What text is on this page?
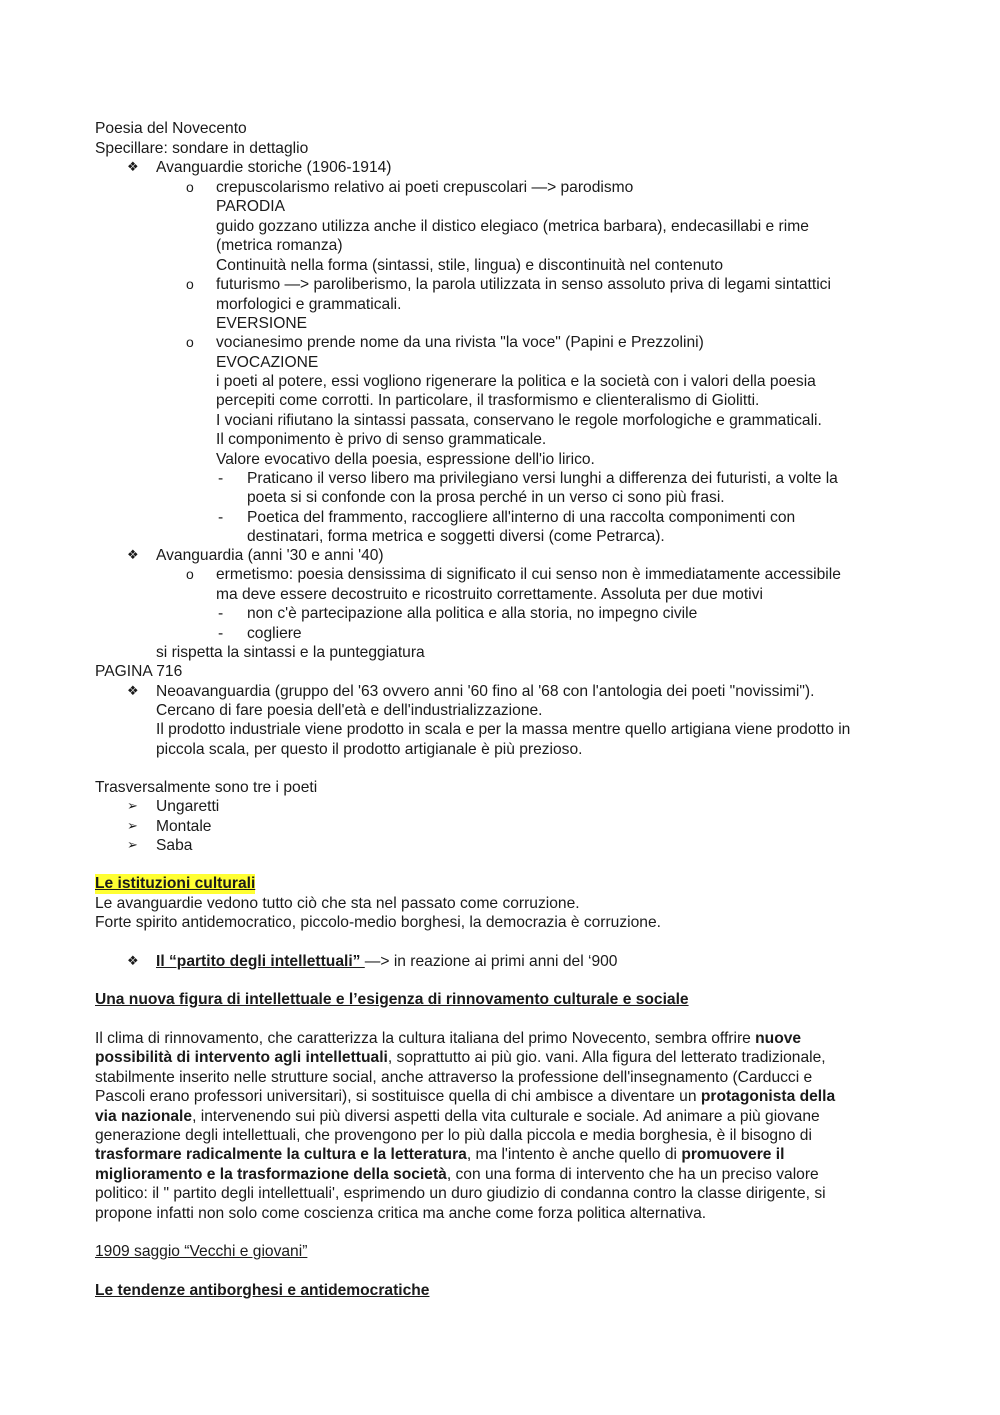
Poesia del Novecento
Specillare: sondare in dettaglio
❖ Avanguardie storiche (1906-1914)
o crepuscolarismo relativo ai poeti crepuscolari —> parodismo
PARODIA
guido gozzano utilizza anche il distico elegiaco (metrica barbara), endecasillabi e rime
(metrica romanza)
Continuità nella forma (sintassi, stile, lingua) e discontinuità nel contenuto
o futurismo —> paroliberismo, la parola utilizzata in senso assoluto priva di legami sintattici
morfologici e grammaticali.
EVERSIONE
o vocianesimo prende nome da una rivista "la voce" (Papini e Prezzolini)
EVOCAZIONE
i poeti al potere, essi vogliono rigenerare la politica e la società con i valori della poesia
percepiti come corrotti. In particolare, il trasformismo e clienteralismo di Giolitti.
I vociani rifiutano la sintassi passata, conservano le regole morfologiche e grammaticali.
Il componimento è privo di senso grammaticale.
Valore evocativo della poesia, espressione dell'io lirico.
- Praticano il verso libero ma privilegiano versi lunghi a differenza dei futuristi, a volte la
poeta si si confonde con la prosa perché in un verso ci sono più frasi.
- Poetica del frammento, raccogliere all'interno di una raccolta componimenti con
destinatari, forma metrica e soggetti diversi (come Petrarca).
❖ Avanguardia (anni '30 e anni '40)
o ermetismo: poesia densissima di significato il cui senso non è immediatamente accessibile
ma deve essere decostruito e ricostruito correttamente. Assoluta per due motivi
- non c'è partecipazione alla politica e alla storia, no impegno civile
- cogliere
si rispetta la sintassi e la punteggiatura
PAGINA 716
❖ Neoavanguardia (gruppo del '63 ovvero anni '60 fino al '68 con l'antologia dei poeti "novissimi").
Cercano di fare poesia dell'età e dell'industrializzazione.
Il prodotto industriale viene prodotto in scala e per la massa mentre quello artigiana viene prodotto in
piccola scala, per questo il prodotto artigianale è più prezioso.
Trasversalmente sono tre i poeti
➢ Ungaretti
➢ Montale
➢ Saba
Le istituzioni culturali
Le avanguardie vedono tutto ciò che sta nel passato come corruzione.
Forte spirito antidemocratico, piccolo-medio borghesi, la democrazia è corruzione.
❖ Il “partito degli intellettuali” —> in reazione ai primi anni del ‘900
Una nuova figura di intellettuale e l’esigenza di rinnovamento culturale e sociale
Il clima di rinnovamento, che caratterizza la cultura italiana del primo Novecento, sembra offrire nuove
possibilità di intervento agli intellettuali, soprattutto ai più gio. vani. Alla figura del letterato tradizionale,
stabilmente inserito nelle strutture social, anche attraverso la professione dell'insegnamento (Carducci e
Pascoli erano professori universitari), si sostituisce quella di chi ambisce a diventare un protagonista della
via nazionale, intervenendo sui più diversi aspetti della vita culturale e sociale. Ad animare a più giovane
generazione degli intellettuali, che provengono per lo più dalla piccola e media borghesia, è il bisogno di
trasformare radicalmente la cultura e la letteratura, ma l'intento è anche quello di promuovere il
miglioramento e la trasformazione della società, con una forma di intervento che ha un preciso valore
politico: il " partito degli intellettuali', esprimendo un duro giudizio di condanna contro la classe dirigente, si
propone infatti non solo come coscienza critica ma anche come forza politica alternativa.
1909 saggio “Vecchi e giovani”
Le tendenze antiborghesi e antidemocratiche
